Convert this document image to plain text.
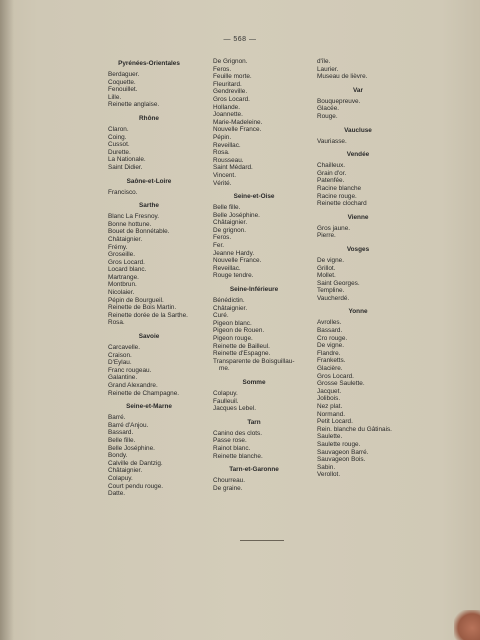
— 568 —
Pyrénées-Orientales
Berdaguer.
Coquette.
Fenouillet.
Lille.
Reinette anglaise.
Rhône
Claron.
Coing.
Cussot.
Durette.
La Nationale.
Saint Didier.
Saône-et-Loire
Francisco.
Sarthe
Blanc La Fresnoy.
Bonne hottune.
Bouet de Bonnétable.
Châtaignier.
Frémy.
Groseille.
Gros Locard.
Locard blanc.
Martrange.
Montbrun.
Nicolaier.
Pépin de Bourgueil.
Reinette de Bois Martin.
Reinette dorée de la Sarthe.
Rosa.
Savoie
Carcavelle.
Craison.
D'Eylau.
Franc rougeau.
Galantine.
Grand Alexandre.
Reinette de Champagne.
Seine-et-Marne
Barré.
Barré d'Anjou.
Bassard.
Belle fille.
Belle Joséphine.
Bondy.
Calville de Dantzig.
Châtaignier.
Colapuy.
Court pendu rouge.
Datte.
De Grignon.
Feros.
Feuille morte.
Fleuritard.
Gendreville.
Gros Locard.
Hollande.
Joannette.
Marie-Madeleine.
Nouvelle France.
Pépin.
Reveillac.
Rosa.
Rousseau.
Saint Médard.
Vincent.
Vérité.
Seine-et-Oise
Belle fille.
Belle Joséphine.
Châtaignier.
De grignon.
Feros.
Fer.
Jeanne Hardy.
Nouvelle France.
Reveillac.
Rouge tendre.
Seine-Inférieure
Bénédictin.
Châtaignier.
Curé.
Pigeon blanc.
Pigeon de Rouen.
Pigeon rouge.
Reinette de Bailleul.
Reinette d'Espagne.
Transparente de Boisguillau-
me.
Somme
Colapuy.
Faulleuil.
Jacques Lebel.
Tarn
Canino des clots.
Passe rose.
Rainot blanc.
Reinette blanche.
Tarn-et-Garonne
Chourreau.
De graine.
d'île.
Laurier.
Museau de lièvre.
Var
Bouquepreuve.
Glacée.
Rouge.
Vaucluse
Vauriasse.
Vendée
Chailleux.
Grain d'or.
Patenfée.
Racine blanche
Racine rouge.
Reinette clochard
Vienne
Gros jaune.
Pierre.
Vosges
De vigne.
Grillot.
Mollet.
Saint Georges.
Templine.
Vaucherdé.
Yonne
Avrolles.
Bassard.
Cro rouge.
De vigne.
Flandre.
Franketts.
Glacière.
Gros Locard.
Grosse Saulette.
Jacquet.
Jolibois.
Nez plat.
Normand.
Petit Locard.
Rein. blanche du Gâtinais.
Saulette.
Saulette rouge.
Sauvageon Barré.
Sauvageon Bois.
Sabin.
Verollot.
